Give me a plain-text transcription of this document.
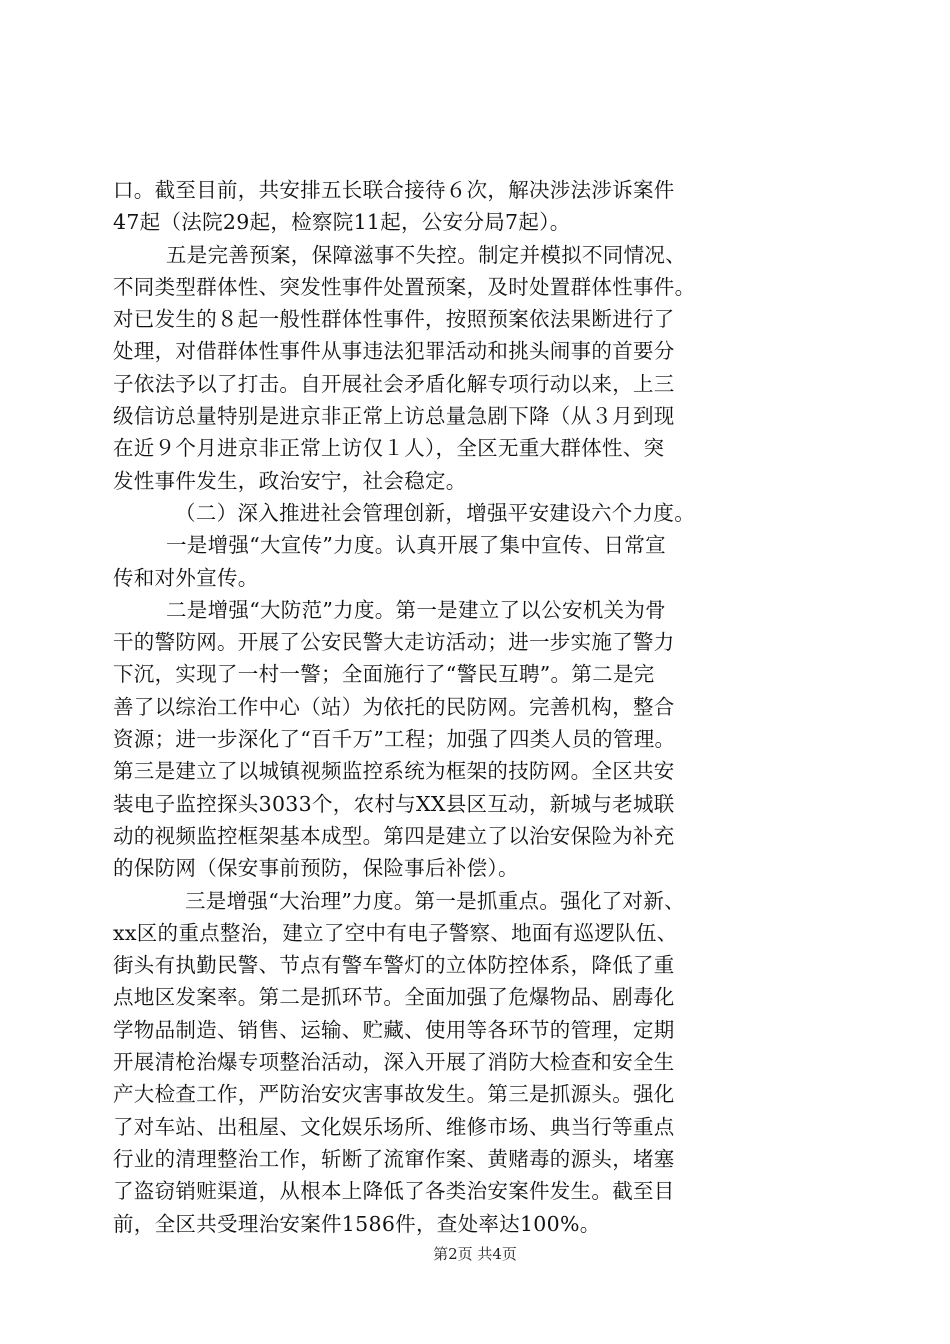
口。截至目前，共安排五长联合接待６次，解决涉法涉诉案件
47起（法院29起，检察院11起，公安分局7起）。
五是完善预案，保障滋事不失控。制定并模拟不同情况、
不同类型群体性、突发性事件处置预案，及时处置群体性事件。
对已发生的８起一般性群体性事件，按照预案依法果断进行了
处理，对借群体性事件从事违法犯罪活动和挑头闹事的首要分
子依法予以了打击。自开展社会矛盾化解专项行动以来，上三
级信访总量特别是进京非正常上访总量急剧下降（从３月到现
在近９个月进京非正常上访仅１人），全区无重大群体性、突
发性事件发生，政治安宁，社会稳定。
（二）深入推进社会管理创新，增强平安建设六个力度。
一是增强“大宣传”力度。认真开展了集中宣传、日常宣
传和对外宣传。
二是增强“大防范”力度。第一是建立了以公安机关为骨
干的警防网。开展了公安民警大走访活动；进一步实施了警力
下沉，实现了一村一警；全面施行了“警民互聘”。第二是完
善了以综治工作中心（站）为依托的民防网。完善机构，整合
资源；进一步深化了“百千万”工程；加强了四类人员的管理。
第三是建立了以城镇视频监控系统为框架的技防网。全区共安
装电子监控探头3033个，农村与XX县区互动，新城与老城联
动的视频监控框架基本成型。第四是建立了以治安保险为补充
的保防网（保安事前预防，保险事后补偿）。
三是增强“大治理”力度。第一是抓重点。强化了对新、
xx区的重点整治，建立了空中有电子警察、地面有巡逻队伍、
街头有执勤民警、节点有警车警灯的立体防控体系，降低了重
点地区发案率。第二是抓环节。全面加强了危爆物品、剧毒化
学物品制造、销售、运输、贮藏、使用等各环节的管理，定期
开展清枪治爆专项整治活动，深入开展了消防大检查和安全生
产大检查工作，严防治安灾害事故发生。第三是抓源头。强化
了对车站、出租屋、文化娱乐场所、维修市场、典当行等重点
行业的清理整治工作，斩断了流窜作案、黄赌毒的源头，堵塞
了盗窃销赃渠道，从根本上降低了各类治安案件发生。截至目
前，全区共受理治安案件1586件，查处率达100%。
第2页 共4页
